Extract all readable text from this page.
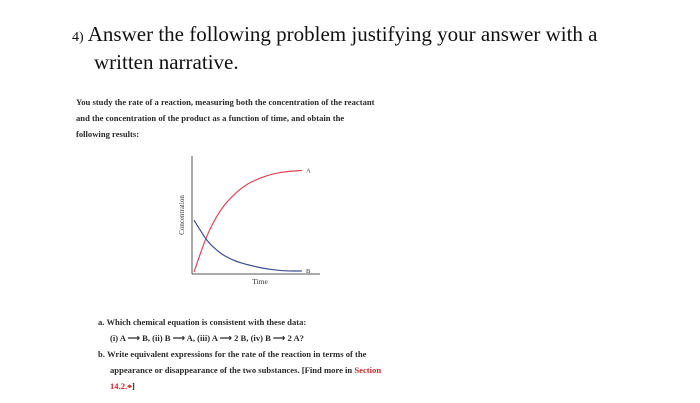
4) Answer the following problem justifying your answer with a
written narrative.
You study the rate of a reaction, measuring both the concentration of the reactant
and the concentration of the product as a function of time, and obtain the
following results:
A
B
Time
Concentration
a. Which chemical equation is consistent with these data:
(i) A ⟶ B, (ii) B ⟶ A, (iii) A ⟶ 2 B, (iv) B ⟶ 2 A?
b. Write equivalent expressions for the rate of the reaction in terms of the
appearance or disappearance of the two substances. [Find more in Section
14.2.⌖]
